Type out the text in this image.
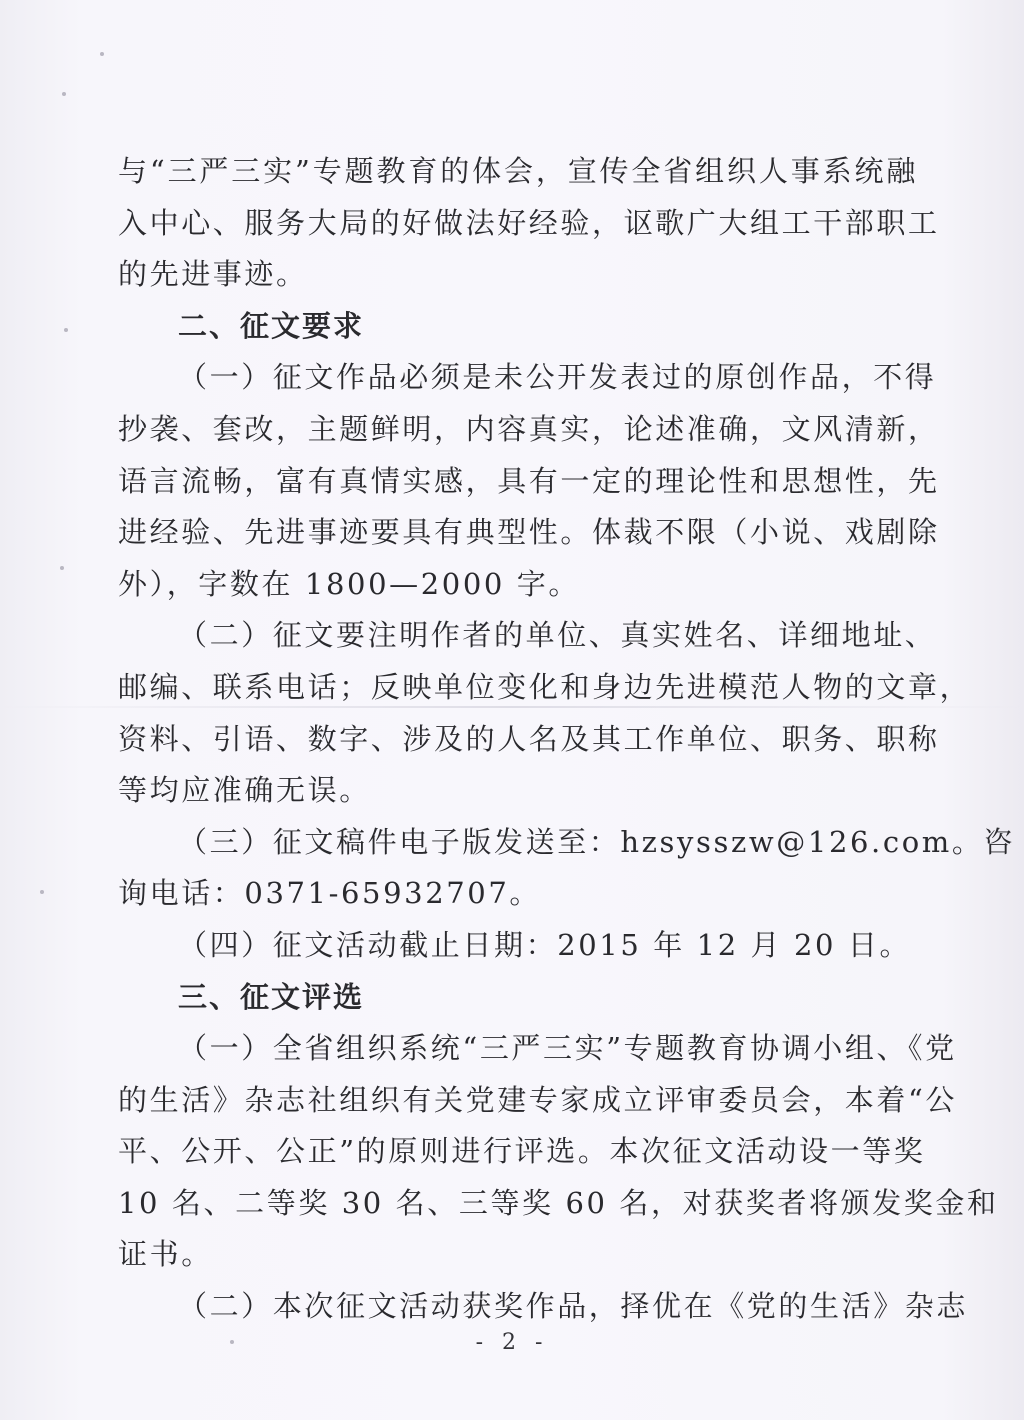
与“三严三实”专题教育的体会，宣传全省组织人事系统融
入中心、服务大局的好做法好经验，讴歌广大组工干部职工
的先进事迹。
二、征文要求
（一）征文作品必须是未公开发表过的原创作品，不得
抄袭、套改，主题鲜明，内容真实，论述准确，文风清新，
语言流畅，富有真情实感，具有一定的理论性和思想性，先
进经验、先进事迹要具有典型性。体裁不限（小说、戏剧除
外），字数在 1800—2000 字。
（二）征文要注明作者的单位、真实姓名、详细地址、
邮编、联系电话；反映单位变化和身边先进模范人物的文章，
资料、引语、数字、涉及的人名及其工作单位、职务、职称
等均应准确无误。
（三）征文稿件电子版发送至：hzsysszw@126.com。咨
询电话：0371-65932707。
（四）征文活动截止日期：2015 年 12 月 20 日。
三、征文评选
（一）全省组织系统“三严三实”专题教育协调小组、《党
的生活》杂志社组织有关党建专家成立评审委员会，本着“公
平、公开、公正”的原则进行评选。本次征文活动设一等奖
10 名、二等奖 30 名、三等奖 60 名，对获奖者将颁发奖金和
证书。
（二）本次征文活动获奖作品，择优在《党的生活》杂志
- 2 -
